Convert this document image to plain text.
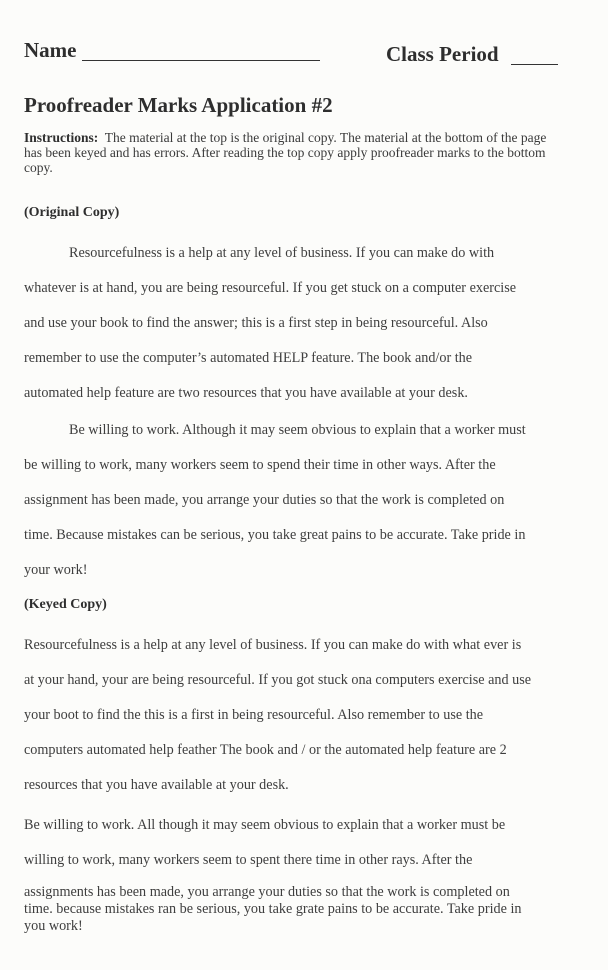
Name	Class Period
Proofreader Marks Application #2
Instructions: The material at the top is the original copy. The material at the bottom of the page has been keyed and has errors. After reading the top copy apply proofreader marks to the bottom copy.
(Original Copy)
Resourcefulness is a help at any level of business. If you can make do with
whatever is at hand, you are being resourceful. If you get stuck on a computer exercise
and use your book to find the answer; this is a first step in being resourceful. Also
remember to use the computer’s automated HELP feature. The book and/or the
automated help feature are two resources that you have available at your desk.
Be willing to work. Although it may seem obvious to explain that a worker must
be willing to work, many workers seem to spend their time in other ways. After the
assignment has been made, you arrange your duties so that the work is completed on
time. Because mistakes can be serious, you take great pains to be accurate. Take pride in
your work!
(Keyed Copy)
Resourcefulness is a help at any level of business. If you can make do with what ever is
at your hand, your are being resourceful. If you got stuck ona computers exercise and use
your boot to find the this is a first in being resourceful. Also remember to use the
computers automated help feather The book and / or the automated help feature are 2
resources that you have available at your desk.
Be willing to work. All though it may seem obvious to explain that a worker must be
willing to work, many workers seem to spent there time in other rays. After the
assignments has been made, you arrange your duties so that the work is completed on
time. because mistakes ran be serious, you take grate pains to be accurate. Take pride in
you work!
